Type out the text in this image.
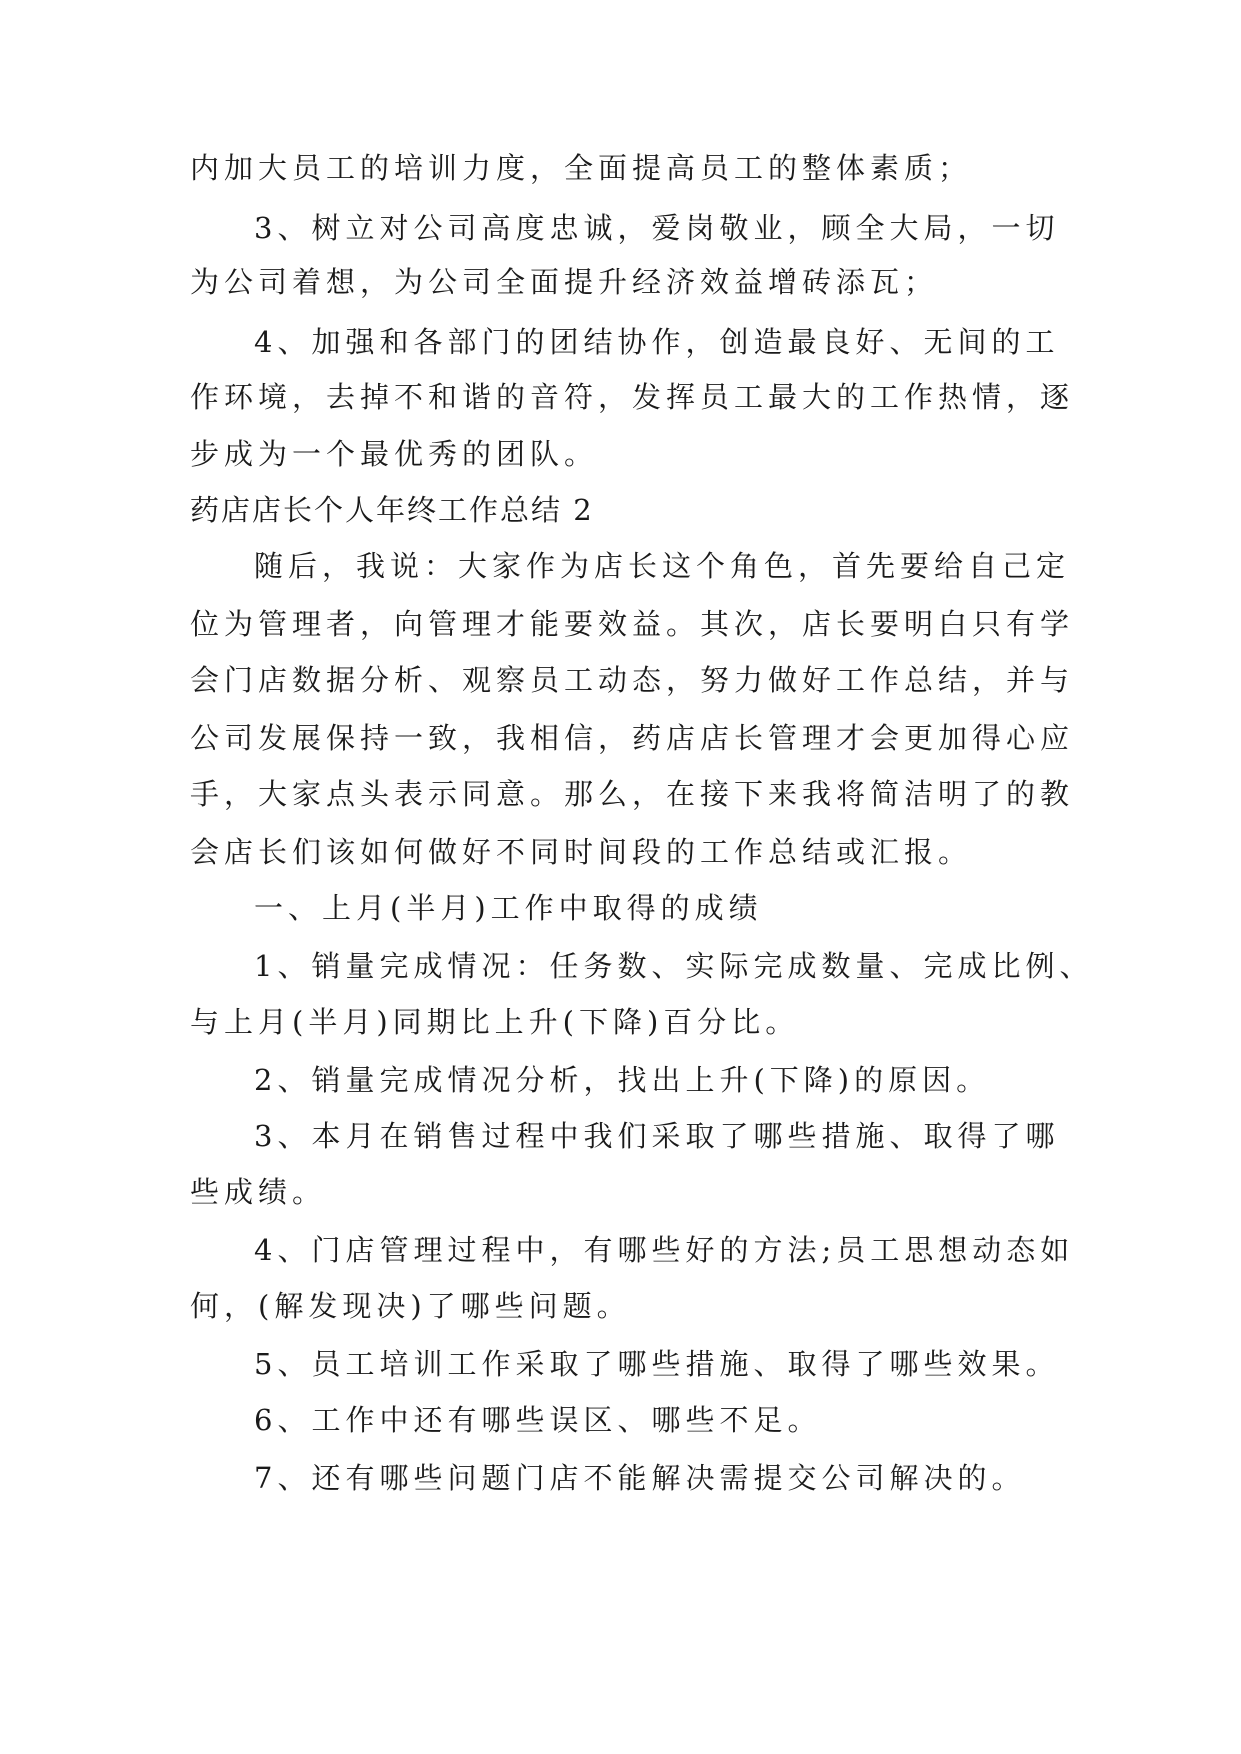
内加大员工的培训力度，全面提高员工的整体素质；
3、树立对公司高度忠诚，爱岗敬业，顾全大局，一切
为公司着想，为公司全面提升经济效益增砖添瓦；
4、加强和各部门的团结协作，创造最良好、无间的工
作环境，去掉不和谐的音符，发挥员工最大的工作热情，逐
步成为一个最优秀的团队。
药店店长个人年终工作总结 2
随后，我说：大家作为店长这个角色，首先要给自己定
位为管理者，向管理才能要效益。其次，店长要明白只有学
会门店数据分析、观察员工动态，努力做好工作总结，并与
公司发展保持一致，我相信，药店店长管理才会更加得心应
手，大家点头表示同意。那么，在接下来我将简洁明了的教
会店长们该如何做好不同时间段的工作总结或汇报。
一、上月(半月)工作中取得的成绩
1、销量完成情况：任务数、实际完成数量、完成比例、
与上月(半月)同期比上升(下降)百分比。
2、销量完成情况分析，找出上升(下降)的原因。
3、本月在销售过程中我们采取了哪些措施、取得了哪
些成绩。
4、门店管理过程中，有哪些好的方法;员工思想动态如
何，(解发现决)了哪些问题。
5、员工培训工作采取了哪些措施、取得了哪些效果。
6、工作中还有哪些误区、哪些不足。
7、还有哪些问题门店不能解决需提交公司解决的。
